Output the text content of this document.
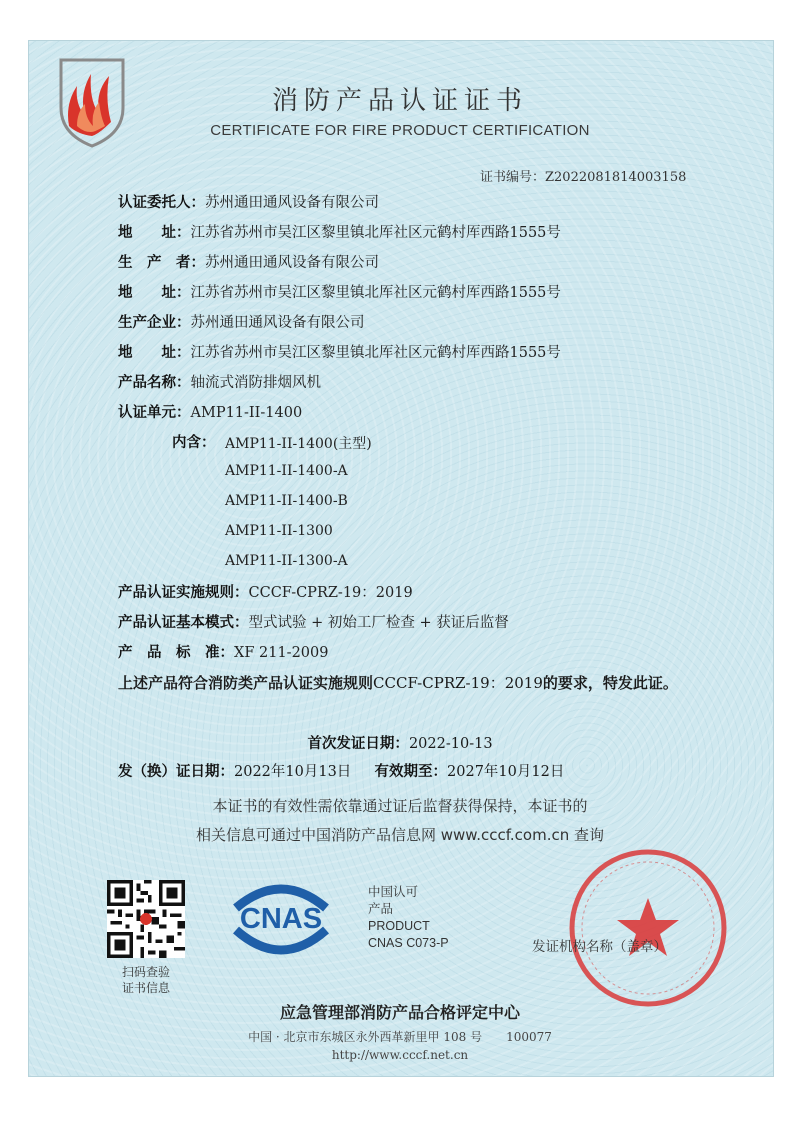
消防产品认证证书
CERTIFICATE FOR FIRE PRODUCT CERTIFICATION
证书编号：Z2022081814003158
认证委托人：苏州通田通风设备有限公司
地　　址：江苏省苏州市吴江区黎里镇北厍社区元鹤村厍西路1555号
生　产　者：苏州通田通风设备有限公司
地　　址：江苏省苏州市吴江区黎里镇北厍社区元鹤村厍西路1555号
生产企业：苏州通田通风设备有限公司
地　　址：江苏省苏州市吴江区黎里镇北厍社区元鹤村厍西路1555号
产品名称：轴流式消防排烟风机
认证单元：AMP11-II-1400
内含： AMP11-II-1400(主型)
AMP11-II-1400-A
AMP11-II-1400-B
AMP11-II-1300
AMP11-II-1300-A
产品认证实施规则：CCCF-CPRZ-19：2019
产品认证基本模式：型式试验 + 初始工厂检查 + 获证后监督
产　品　标　准：XF 211-2009
上述产品符合消防类产品认证实施规则CCCF-CPRZ-19：2019的要求，特发此证。
首次发证日期：2022-10-13
发（换）证日期：2022年10月13日 有效期至：2027年10月12日
本证书的有效性需依靠通过证后监督获得保持，本证书的
相关信息可通过中国消防产品信息网 www.cccf.com.cn 查询
扫码查验
证书信息
CNAS
中国认可
产品
PRODUCT
CNAS C073-P	发证机构名称（盖章）
应急管理部消防产品合格评定中心
中国 · 北京市东城区永外西革新里甲 108 号　　100077
http://www.cccf.net.cn
